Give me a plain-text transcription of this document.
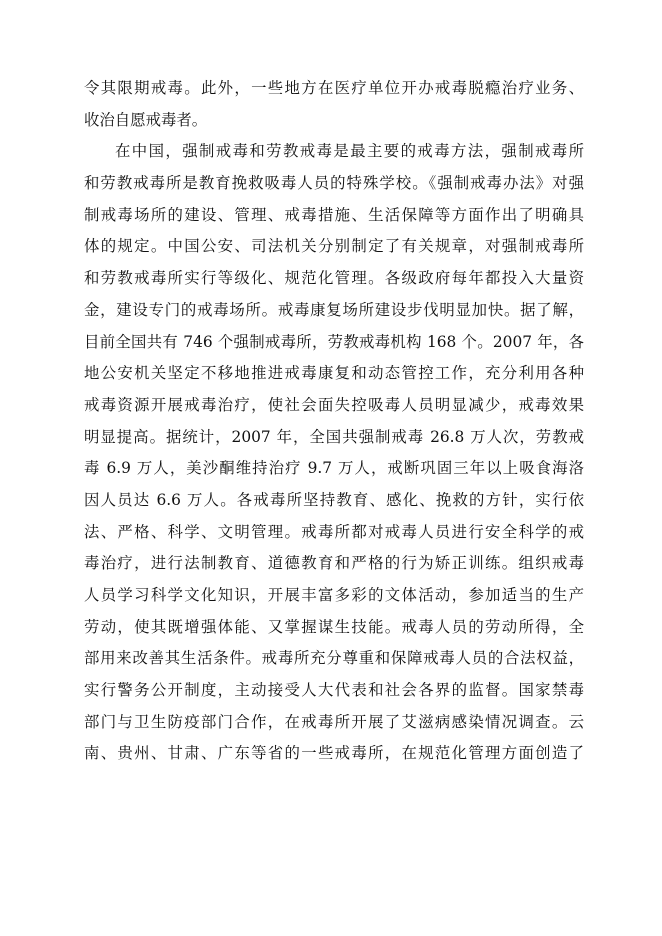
令其限期戒毒。此外，一些地方在医疗单位开办戒毒脱瘾治疗业务、
收治自愿戒毒者。
在中国，强制戒毒和劳教戒毒是最主要的戒毒方法，强制戒毒所
和劳教戒毒所是教育挽救吸毒人员的特殊学校。《强制戒毒办法》对强
制戒毒场所的建设、管理、戒毒措施、生活保障等方面作出了明确具
体的规定。中国公安、司法机关分别制定了有关规章，对强制戒毒所
和劳教戒毒所实行等级化、规范化管理。各级政府每年都投入大量资
金，建设专门的戒毒场所。戒毒康复场所建设步伐明显加快。据了解，
目前全国共有 746 个强制戒毒所，劳教戒毒机构 168 个。2007 年，各
地公安机关坚定不移地推进戒毒康复和动态管控工作，充分利用各种
戒毒资源开展戒毒治疗，使社会面失控吸毒人员明显减少，戒毒效果
明显提高。据统计，2007 年，全国共强制戒毒 26.8 万人次，劳教戒
毒 6.9 万人，美沙酮维持治疗 9.7 万人，戒断巩固三年以上吸食海洛
因人员达 6.6 万人。各戒毒所坚持教育、感化、挽救的方针，实行依
法、严格、科学、文明管理。戒毒所都对戒毒人员进行安全科学的戒
毒治疗，进行法制教育、道德教育和严格的行为矫正训练。组织戒毒
人员学习科学文化知识，开展丰富多彩的文体活动，参加适当的生产
劳动，使其既增强体能、又掌握谋生技能。戒毒人员的劳动所得，全
部用来改善其生活条件。戒毒所充分尊重和保障戒毒人员的合法权益，
实行警务公开制度，主动接受人大代表和社会各界的监督。国家禁毒
部门与卫生防疫部门合作，在戒毒所开展了艾滋病感染情况调查。云
南、贵州、甘肃、广东等省的一些戒毒所，在规范化管理方面创造了
